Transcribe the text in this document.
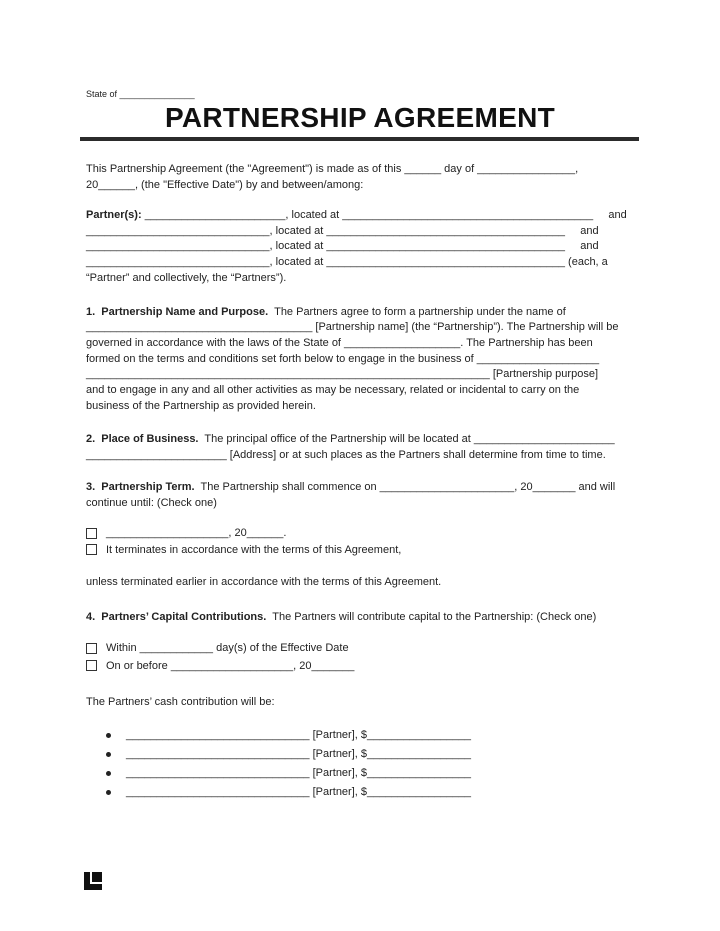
State of _______________
PARTNERSHIP AGREEMENT
This Partnership Agreement (the "Agreement") is made as of this ______ day of ________________,
20______, (the "Effective Date") by and between/among:
Partner(s): _______________________, located at _________________________________________     and
______________________________, located at _______________________________________     and
______________________________, located at _______________________________________     and
______________________________, located at _______________________________________ (each, a
“Partner” and collectively, the “Partners”).
1.  Partnership Name and Purpose. The Partners agree to form a partnership under the name of
_____________________________________ [Partnership name] (the “Partnership”). The Partnership will be
governed in accordance with the laws of the State of ___________________. The Partnership has been
formed on the terms and conditions set forth below to engage in the business of ____________________
__________________________________________________________________ [Partnership purpose]
and to engage in any and all other activities as may be necessary, related or incidental to carry on the
business of the Partnership as provided herein.
2.  Place of Business. The principal office of the Partnership will be located at _______________________
_______________________ [Address] or at such places as the Partners shall determine from time to time.
3.  Partnership Term. The Partnership shall commence on ______________________, 20_______ and will
continue until: (Check one)
____________________, 20______.
It terminates in accordance with the terms of this Agreement,
unless terminated earlier in accordance with the terms of this Agreement.
4.  Partners’ Capital Contributions. The Partners will contribute capital to the Partnership: (Check one)
Within ____________ day(s) of the Effective Date
On or before ____________________, 20_______
The Partners’ cash contribution will be:
______________________________ [Partner], $_________________
______________________________ [Partner], $_________________
______________________________ [Partner], $_________________
______________________________ [Partner], $_________________
